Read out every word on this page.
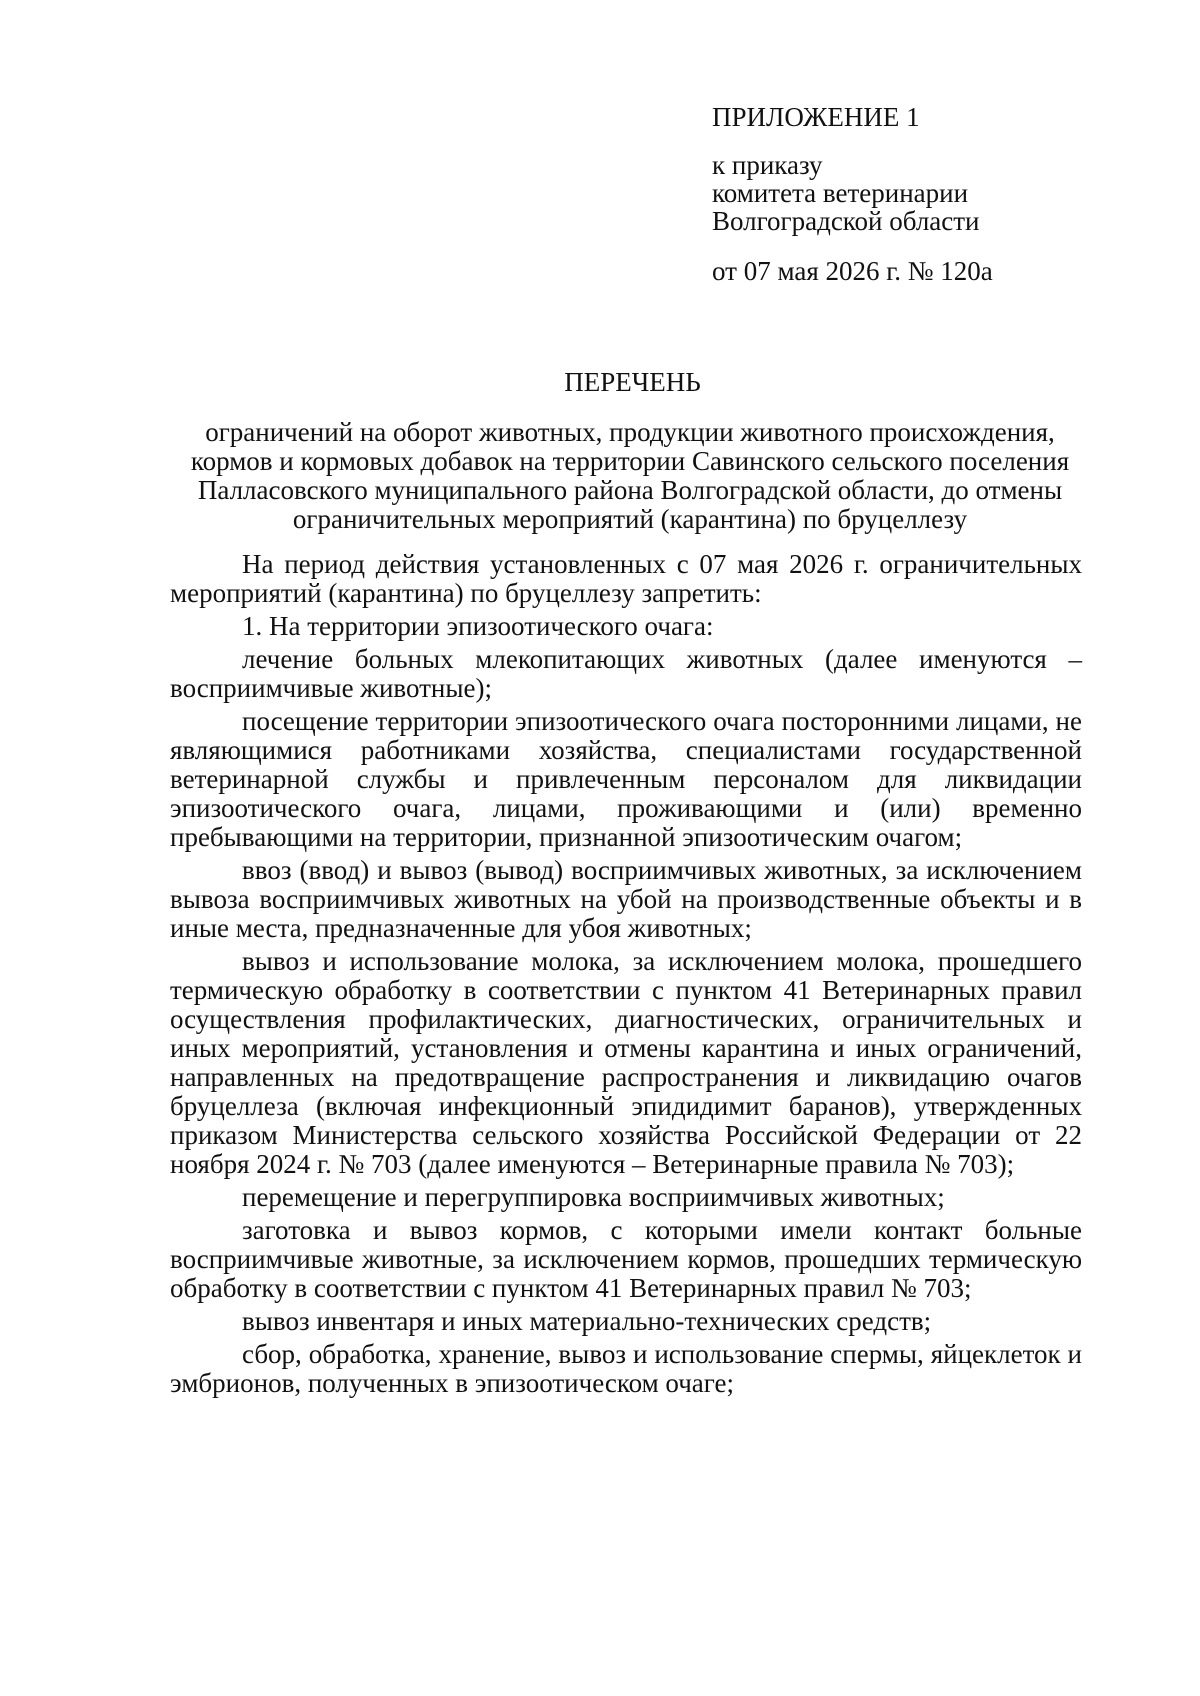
ПРИЛОЖЕНИЕ 1

к приказу

комитета ветеринарии

Волгоградской области

от 07 мая 2026 г. № 120а

ПЕРЕЧЕНЬ

ограничений на оборот животных, продукции животного происхождения, кормов и кормовых добавок на территории Савинского сельского поселения Палласовского муниципального района Волгоградской области, до отмены ограничительных мероприятий (карантина) по бруцеллезу

На период действия установленных с 07 мая 2026 г. ограничительных мероприятий (карантина) по бруцеллезу запретить:

1. На территории эпизоотического очага:

лечение больных млекопитающих животных (далее именуются – восприимчивые животные);

посещение территории эпизоотического очага посторонними лицами, не являющимися работниками хозяйства, специалистами государственной ветеринарной службы и привлеченным персоналом для ликвидации эпизоотического очага, лицами, проживающими и (или) временно пребывающими на территории, признанной эпизоотическим очагом;

ввоз (ввод) и вывоз (вывод) восприимчивых животных, за исключением вывоза восприимчивых животных на убой на производственные объекты и в иные места, предназначенные для убоя животных;

вывоз и использование молока, за исключением молока, прошедшего термическую обработку в соответствии с пунктом 41 Ветеринарных правил осуществления профилактических, диагностических, ограничительных и иных мероприятий, установления и отмены карантина и иных ограничений, направленных на предотвращение распространения и ликвидацию очагов бруцеллеза (включая инфекционный эпидидимит баранов), утвержденных приказом Министерства сельского хозяйства Российской Федерации от 22 ноября 2024 г. № 703 (далее именуются – Ветеринарные правила № 703);

перемещение и перегруппировка восприимчивых животных;

заготовка и вывоз кормов, с которыми имели контакт больные восприимчивые животные, за исключением кормов, прошедших термическую обработку в соответствии с пунктом 41 Ветеринарных правил № 703;

вывоз инвентаря и иных материально-технических средств;

сбор, обработка, хранение, вывоз и использование спермы, яйцеклеток и эмбрионов, полученных в эпизоотическом очаге;
